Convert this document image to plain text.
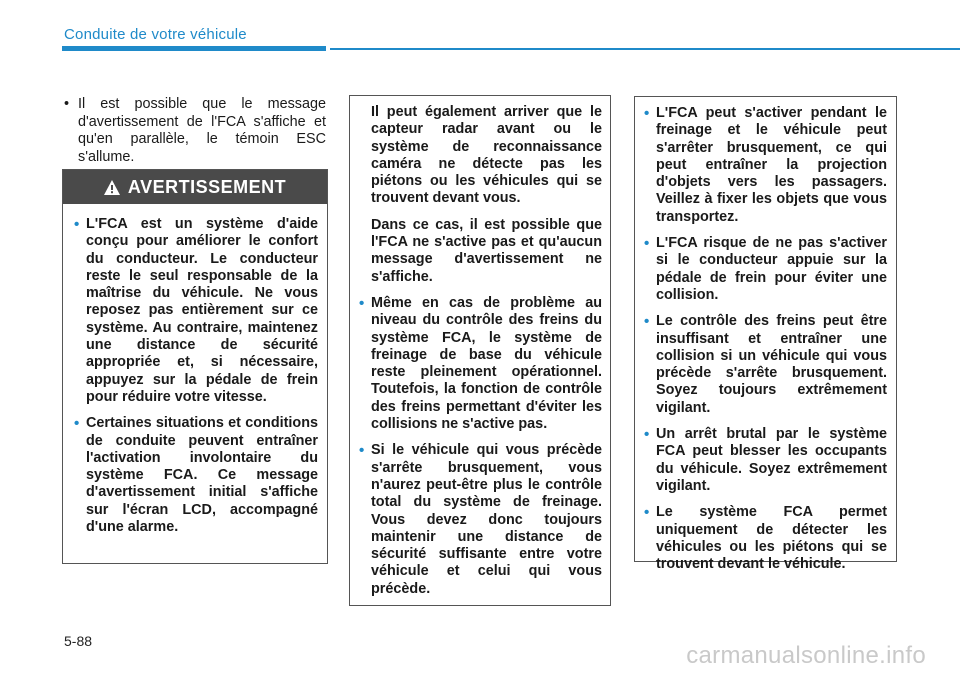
Conduite de votre véhicule
• Il est possible que le message d'avertissement de l'FCA s'affiche et qu'en parallèle, le témoin ESC s'allume.
AVERTISSEMENT
• L'FCA est un système d'aide conçu pour améliorer le confort du conducteur. Le conducteur reste le seul responsable de la maîtrise du véhicule. Ne vous reposez pas entièrement sur ce système. Au contraire, maintenez une distance de sécurité appropriée et, si nécessaire, appuyez sur la pédale de frein pour réduire votre vitesse.
• Certaines situations et conditions de conduite peuvent entraîner l'activation involontaire du système FCA. Ce message d'avertissement initial s'affiche sur l'écran LCD, accompagné d'une alarme.
Il peut également arriver que le capteur radar avant ou le système de reconnaissance caméra ne détecte pas les piétons ou les véhicules qui se trouvent devant vous.
Dans ce cas, il est possible que l'FCA ne s'active pas et qu'aucun message d'avertissement ne s'affiche.
• Même en cas de problème au niveau du contrôle des freins du système FCA, le système de freinage de base du véhicule reste pleinement opérationnel. Toutefois, la fonction de contrôle des freins permettant d'éviter les collisions ne s'active pas.
• Si le véhicule qui vous précède s'arrête brusquement, vous n'aurez peut-être plus le contrôle total du système de freinage. Vous devez donc toujours maintenir une distance de sécurité suffisante entre votre véhicule et celui qui vous précède.
• L'FCA peut s'activer pendant le freinage et le véhicule peut s'arrêter brusquement, ce qui peut entraîner la projection d'objets vers les passagers. Veillez à fixer les objets que vous transportez.
• L'FCA risque de ne pas s'activer si le conducteur appuie sur la pédale de frein pour éviter une collision.
• Le contrôle des freins peut être insuffisant et entraîner une collision si un véhicule qui vous précède s'arrête brusquement. Soyez toujours extrêmement vigilant.
• Un arrêt brutal par le système FCA peut blesser les occupants du véhicule. Soyez extrêmement vigilant.
• Le système FCA permet uniquement de détecter les véhicules ou les piétons qui se trouvent devant le véhicule.
5-88
carmanualsonline.info
